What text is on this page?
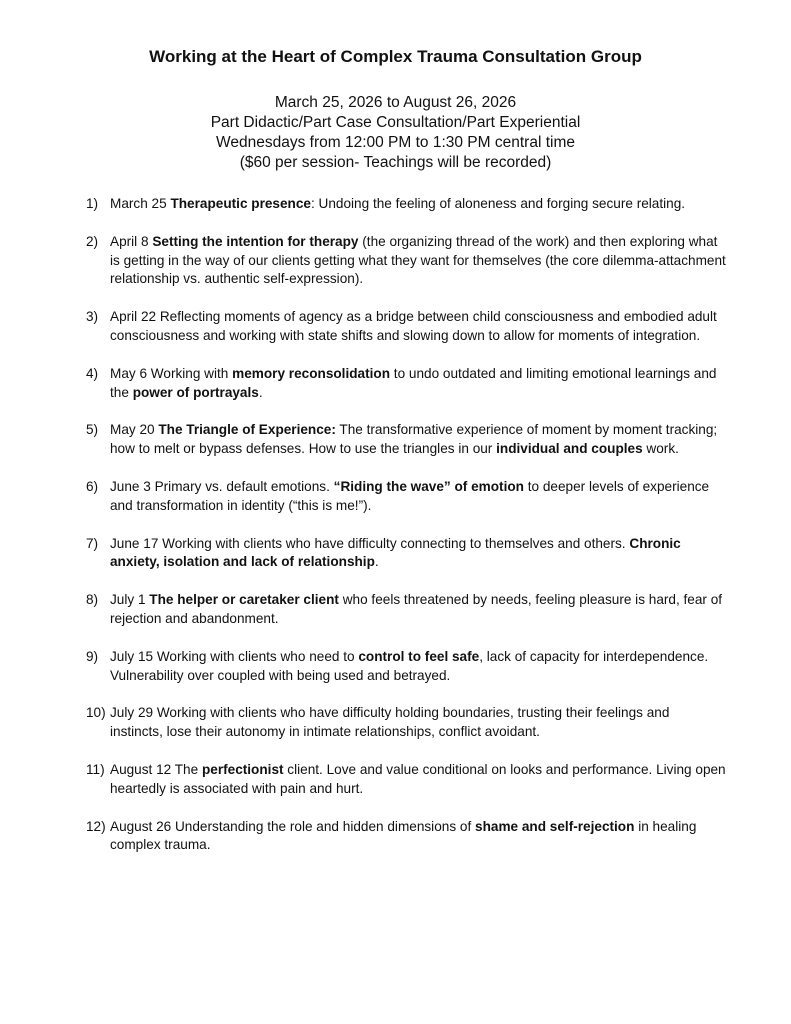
Working at the Heart of Complex Trauma Consultation Group
March 25, 2026 to August 26, 2026
Part Didactic/Part Case Consultation/Part Experiential
Wednesdays from 12:00 PM to 1:30 PM central time
($60 per session- Teachings will be recorded)
1) March 25 Therapeutic presence: Undoing the feeling of aloneness and forging secure relating.
2) April 8 Setting the intention for therapy (the organizing thread of the work) and then exploring what is getting in the way of our clients getting what they want for themselves (the core dilemma-attachment relationship vs. authentic self-expression).
3) April 22 Reflecting moments of agency as a bridge between child consciousness and embodied adult consciousness and working with state shifts and slowing down to allow for moments of integration.
4) May 6 Working with memory reconsolidation to undo outdated and limiting emotional learnings and the power of portrayals.
5) May 20 The Triangle of Experience: The transformative experience of moment by moment tracking; how to melt or bypass defenses. How to use the triangles in our individual and couples work.
6) June 3 Primary vs. default emotions. “Riding the wave” of emotion to deeper levels of experience and transformation in identity (“this is me!”).
7) June 17 Working with clients who have difficulty connecting to themselves and others. Chronic anxiety, isolation and lack of relationship.
8) July 1 The helper or caretaker client who feels threatened by needs, feeling pleasure is hard, fear of rejection and abandonment.
9) July 15 Working with clients who need to control to feel safe, lack of capacity for interdependence. Vulnerability over coupled with being used and betrayed.
10) July 29 Working with clients who have difficulty holding boundaries, trusting their feelings and instincts, lose their autonomy in intimate relationships, conflict avoidant.
11) August 12 The perfectionist client. Love and value conditional on looks and performance. Living open heartedly is associated with pain and hurt.
12) August 26 Understanding the role and hidden dimensions of shame and self-rejection in healing complex trauma.
